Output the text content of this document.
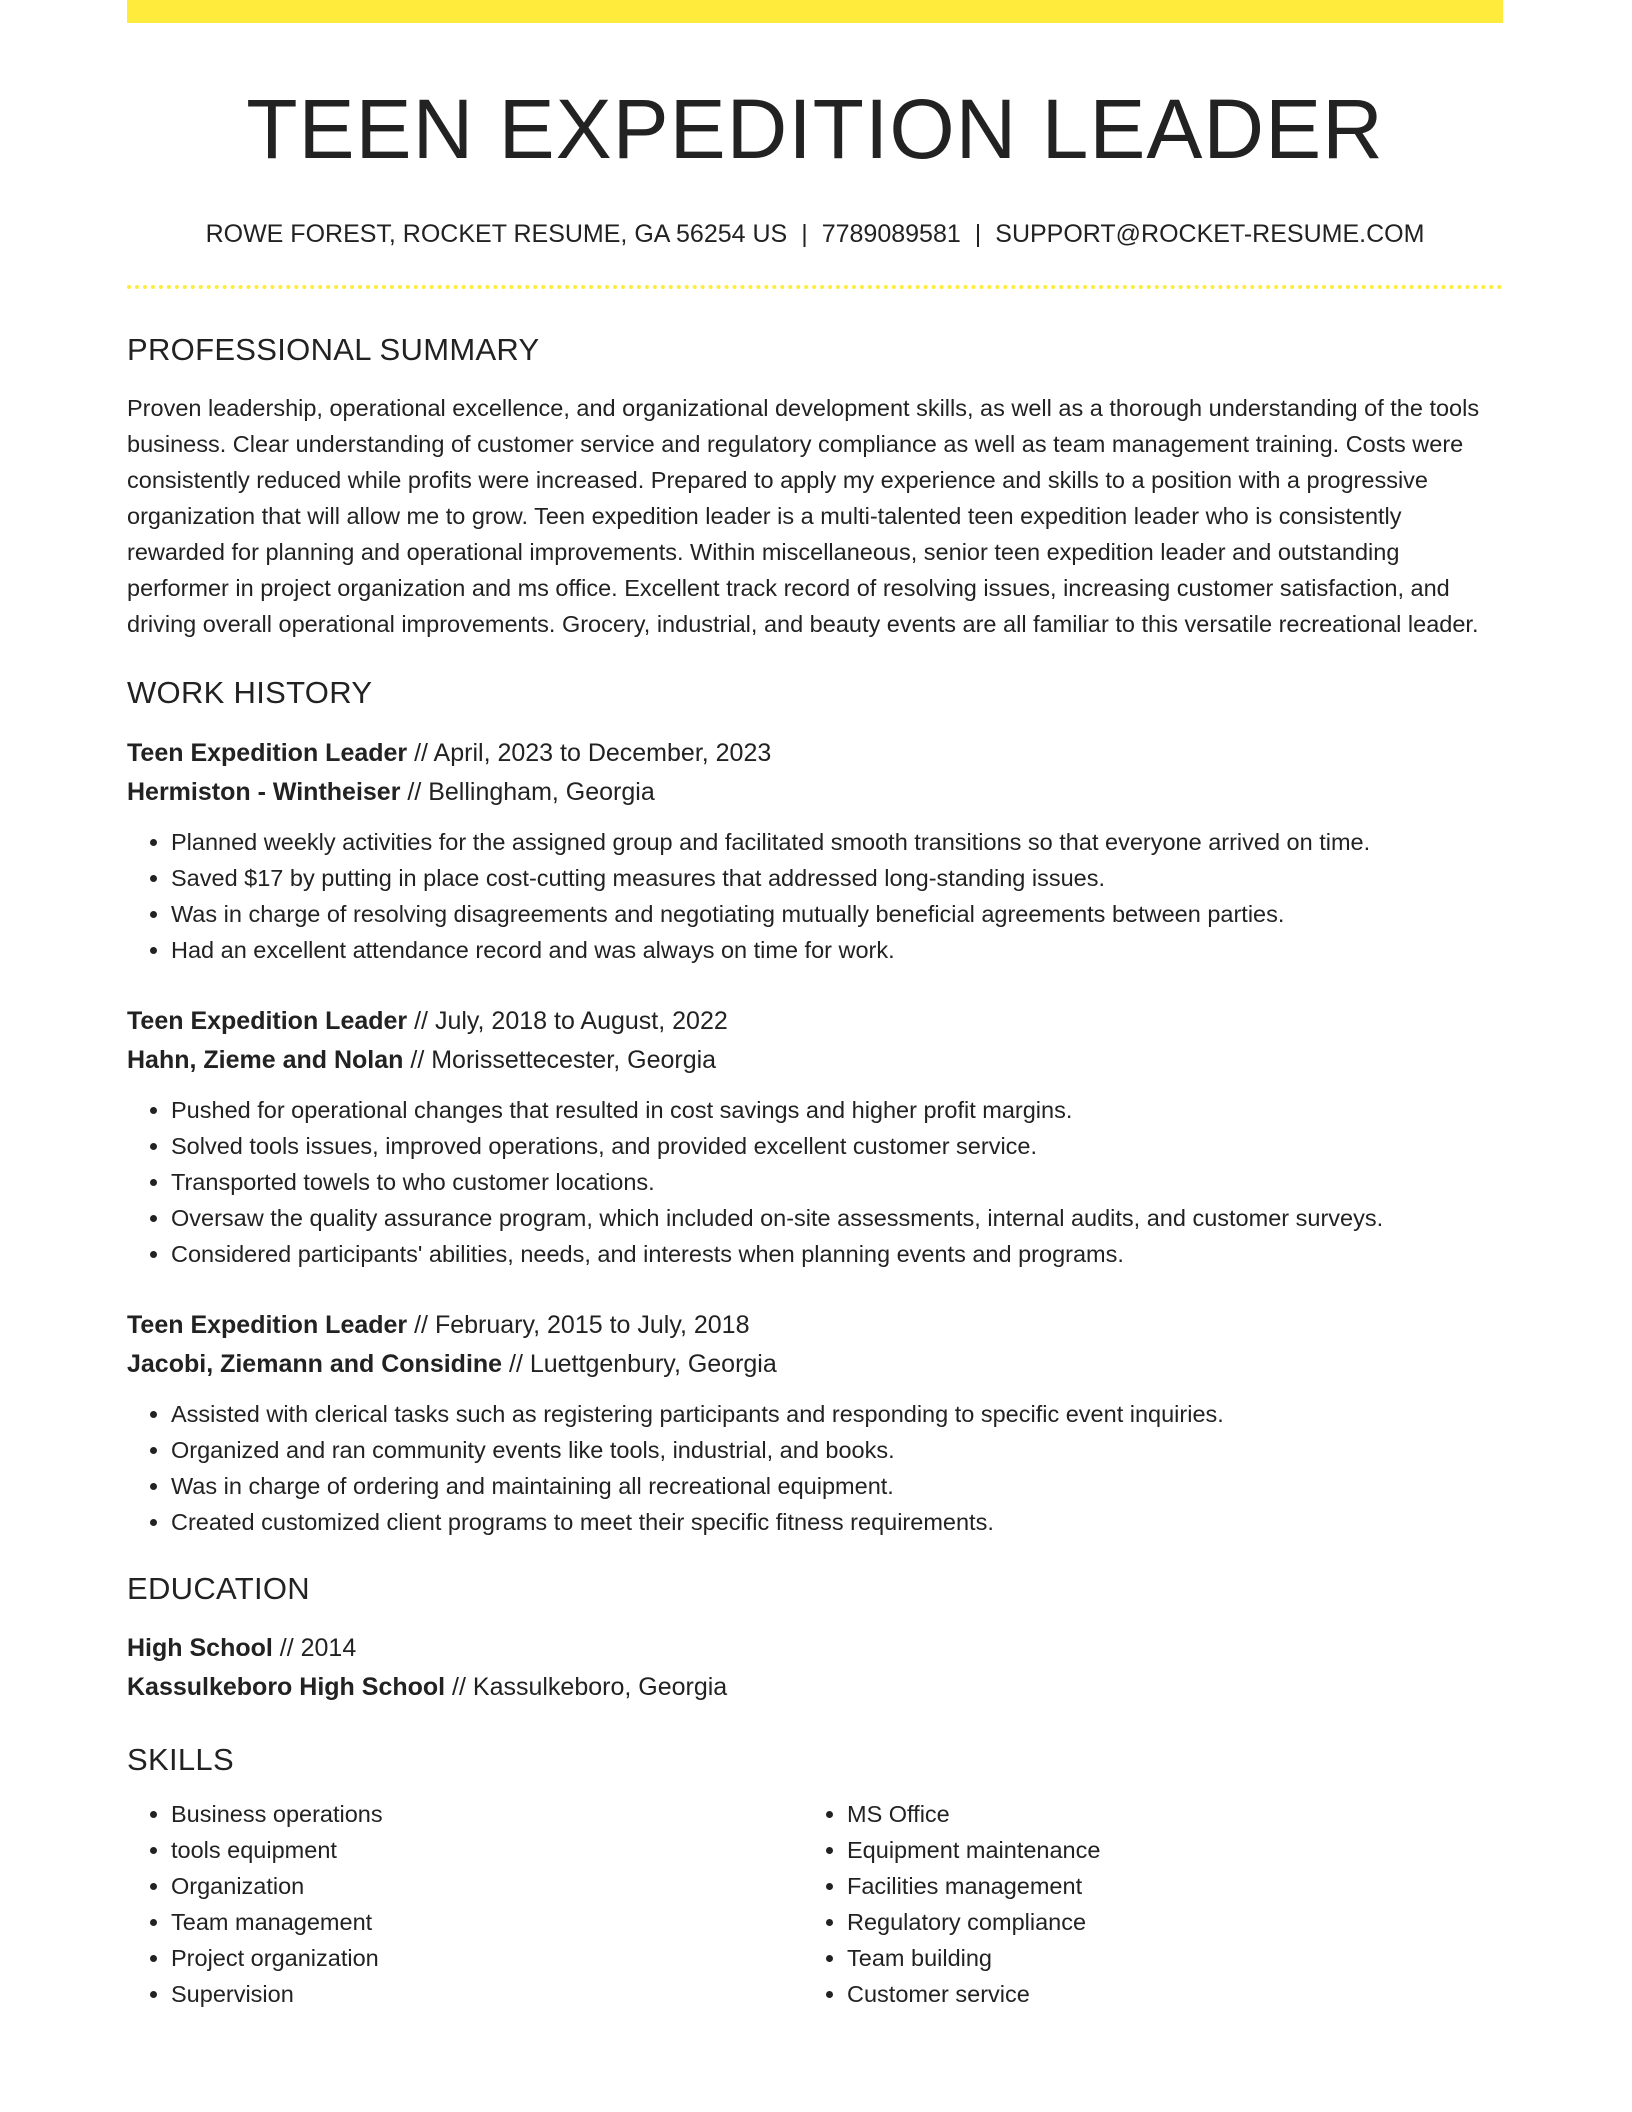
TEEN EXPEDITION LEADER
ROWE FOREST, ROCKET RESUME, GA 56254 US | 7789089581 | SUPPORT@ROCKET-RESUME.COM
PROFESSIONAL SUMMARY
Proven leadership, operational excellence, and organizational development skills, as well as a thorough understanding of the tools business. Clear understanding of customer service and regulatory compliance as well as team management training. Costs were consistently reduced while profits were increased. Prepared to apply my experience and skills to a position with a progressive organization that will allow me to grow. Teen expedition leader is a multi-talented teen expedition leader who is consistently rewarded for planning and operational improvements. Within miscellaneous, senior teen expedition leader and outstanding performer in project organization and ms office. Excellent track record of resolving issues, increasing customer satisfaction, and driving overall operational improvements. Grocery, industrial, and beauty events are all familiar to this versatile recreational leader.
WORK HISTORY
Teen Expedition Leader // April, 2023 to December, 2023
Hermiston - Wintheiser // Bellingham, Georgia
• Planned weekly activities for the assigned group and facilitated smooth transitions so that everyone arrived on time.
• Saved $17 by putting in place cost-cutting measures that addressed long-standing issues.
• Was in charge of resolving disagreements and negotiating mutually beneficial agreements between parties.
• Had an excellent attendance record and was always on time for work.
Teen Expedition Leader // July, 2018 to August, 2022
Hahn, Zieme and Nolan // Morissettecester, Georgia
• Pushed for operational changes that resulted in cost savings and higher profit margins.
• Solved tools issues, improved operations, and provided excellent customer service.
• Transported towels to who customer locations.
• Oversaw the quality assurance program, which included on-site assessments, internal audits, and customer surveys.
• Considered participants' abilities, needs, and interests when planning events and programs.
Teen Expedition Leader // February, 2015 to July, 2018
Jacobi, Ziemann and Considine // Luettgenbury, Georgia
• Assisted with clerical tasks such as registering participants and responding to specific event inquiries.
• Organized and ran community events like tools, industrial, and books.
• Was in charge of ordering and maintaining all recreational equipment.
• Created customized client programs to meet their specific fitness requirements.
EDUCATION
High School // 2014
Kassulkeboro High School // Kassulkeboro, Georgia
SKILLS
• Business operations
• tools equipment
• Organization
• Team management
• Project organization
• Supervision
• MS Office
• Equipment maintenance
• Facilities management
• Regulatory compliance
• Team building
• Customer service
